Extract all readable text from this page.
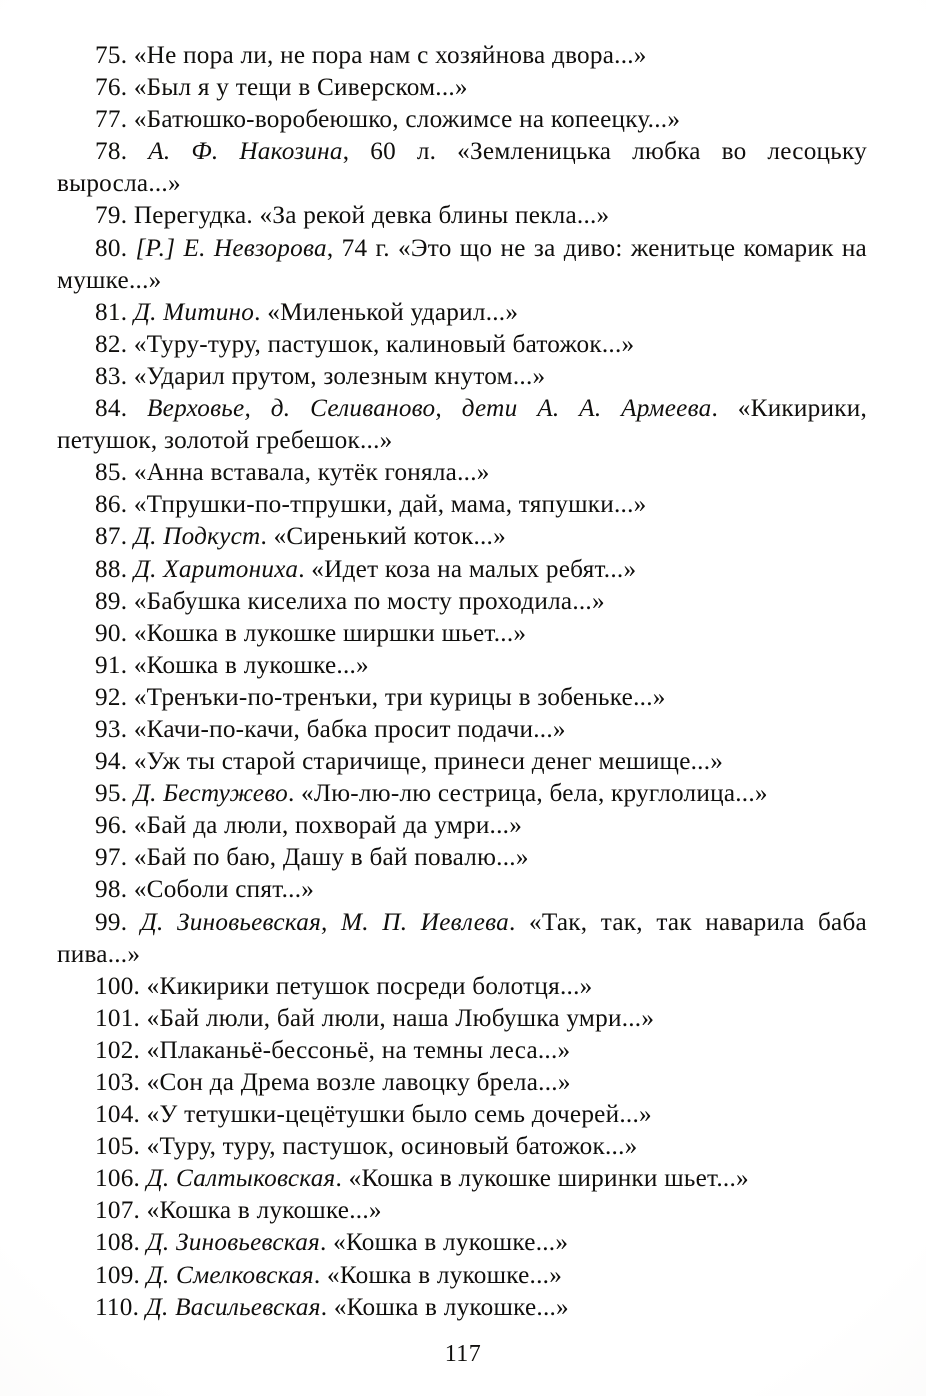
75. «Не пора ли, не пора нам с хозяйнова двора...»

76. «Был я у тещи в Сиверском...»

77. «Батюшко-воробеюшко, сложимсе на копеецку...»

78. А. Ф. Накозина, 60 л. «Земленицька любка во лесоцьку выросла...»

79. Перегудка. «За рекой девка блины пекла...»

80. [Р.] Е. Невзорова, 74 г. «Это що не за диво: женитьце комарик на мушке...»

81. Д. Митино. «Миленькой ударил...»

82. «Туру-туру, пастушок, калиновый батожок...»

83. «Ударил прутом, золезным кнутом...»

84. Верховье, д. Селиваново, дети А. А. Армеева. «Кикирики, петушок, золотой гребешок...»

85. «Анна вставала, кутёк гоняла...»

86. «Тпрушки-по-тпрушки, дай, мама, тяпушки...»

87. Д. Подкуст. «Сиренький коток...»

88. Д. Харитониха. «Идет коза на малых ребят...»

89. «Бабушка киселиха по мосту проходила...»

90. «Кошка в лукошке ширшки шьет...»

91. «Кошка в лукошке...»

92. «Тренъки-по-тренъки, три курицы в зобеньке...»

93. «Качи-по-качи, бабка просит подачи...»

94. «Уж ты старой старичище, принеси денег мешище...»

95. Д. Бестужево. «Лю-лю-лю сестрица, бела, круглолица...»

96. «Бай да люли, похворай да умри...»

97. «Бай по баю, Дашу в бай повалю...»

98. «Соболи спят...»

99. Д. Зиновьевская, М. П. Иевлева. «Так, так, так наварила баба пива...»

100. «Кикирики петушок посреди болотця...»

101. «Бай люли, бай люли, наша Любушка умри...»

102. «Плаканьё-бессоньё, на темны леса...»

103. «Сон да Дрема возле лавоцку брела...»

104. «У тетушки-цецётушки было семь дочерей...»

105. «Туру, туру, пастушок, осиновый батожок...»

106. Д. Салтыковская. «Кошка в лукошке ширинки шьет...»

107. «Кошка в лукошке...»

108. Д. Зиновьевская. «Кошка в лукошке...»

109. Д. Смелковская. «Кошка в лукошке...»

110. Д. Васильевская. «Кошка в лукошке...»

117
